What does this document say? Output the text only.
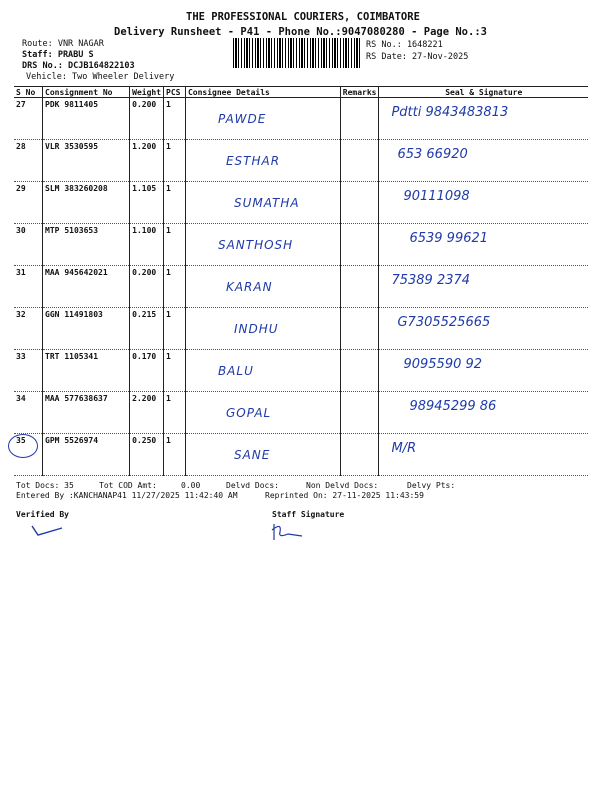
THE PROFESSIONAL COURIERS, COIMBATORE
Delivery Runsheet - P41 - Phone No.:9047080280 - Page No.:3
Route: VNR NAGAR
Staff: PRABU S
DRS No.: DCJB164822103
Vehicle: Two Wheeler Delivery
RS No.: 1648221
RS Date: 27-Nov-2025
S No	Consignment No	Weight	PCS	Consignee Details	Remarks	Seal & Signature
27	PDK 9811405	0.200	1	PAWDE		Pdtti 9843483813

28	VLR 3530595	1.200	1	ESTHAR		653 66920

29	SLM 383260208	1.105	1	SUMATHA		90111098

30	MTP 5103653	1.100	1	SANTHOSH		6539 99621

31	MAA 945642021	0.200	1	KARAN		75389 2374

32	GGN 11491803	0.215	1	INDHU		G7305525665

33	TRT 1105341	0.170	1	BALU		9095590 92

34	MAA 577638637	2.200	1	GOPAL		98945299 86

35	GPM 5526974	0.250	1	SANE		M/R
Tot Docs: 35	Tot COD Amt:	0.00	Delvd Docs:	Non Delvd Docs:	Delvy Pts:
Entered By :KANCHANAP41 11/27/2025 11:42:40 AM	Reprinted On: 27-11-2025 11:43:59
Verified By	Staff Signature
